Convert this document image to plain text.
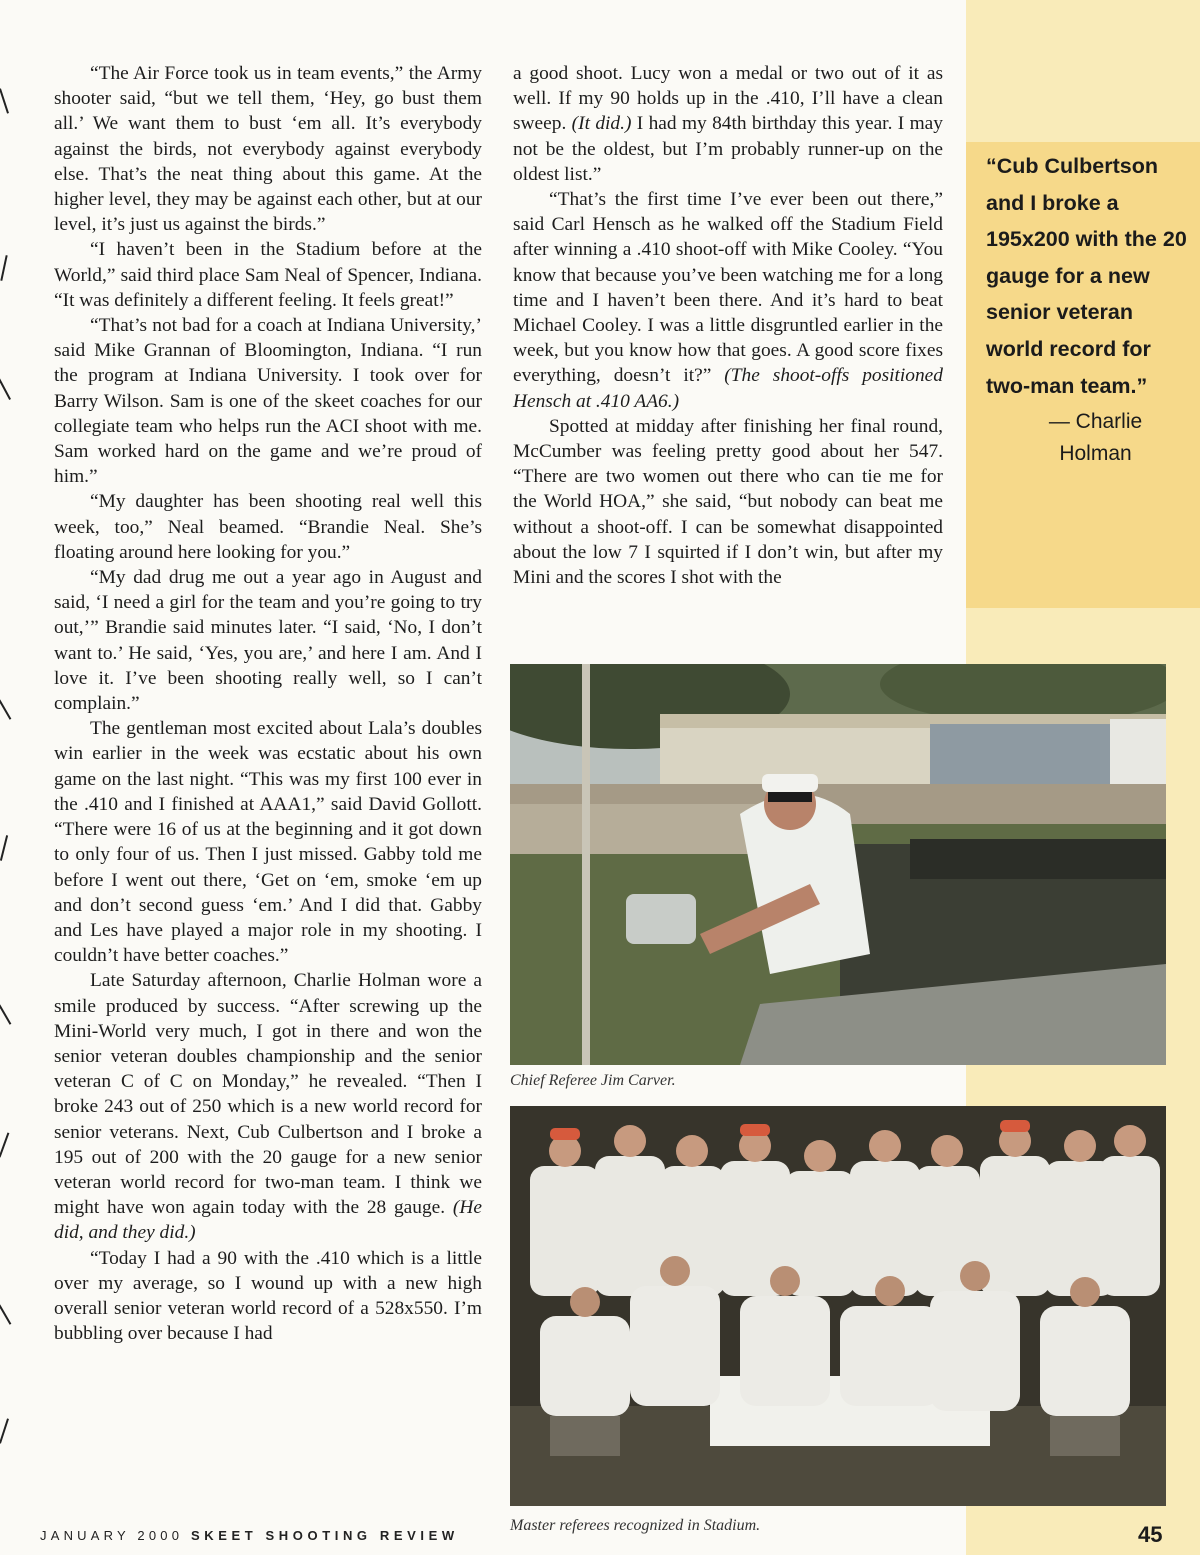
“Cub Culbertson and I broke a 195x200 with the 20 gauge for a new senior veteran world record for two-man team.”

— Charlie
Holman

“The Air Force took us in team events,” the Army shooter said, “but we tell them, ‘Hey, go bust them all.’ We want them to bust ‘em all. It’s everybody against the birds, not everybody against everybody else. That’s the neat thing about this game. At the higher level, they may be against each other, but at our level, it’s just us against the birds.”

“I haven’t been in the Stadium before at the World,” said third place Sam Neal of Spencer, Indiana. “It was definitely a different feeling. It feels great!”

“That’s not bad for a coach at Indiana University,’ said Mike Grannan of Bloomington, Indiana. “I run the program at Indiana University. I took over for Barry Wilson. Sam is one of the skeet coaches for our collegiate team who helps run the ACI shoot with me. Sam worked hard on the game and we’re proud of him.”

“My daughter has been shooting real well this week, too,” Neal beamed. “Brandie Neal. She’s floating around here looking for you.”

“My dad drug me out a year ago in August and said, ‘I need a girl for the team and you’re going to try out,’” Brandie said minutes later. “I said, ‘No, I don’t want to.’ He said, ‘Yes, you are,’ and here I am. And I love it. I’ve been shooting really well, so I can’t complain.”

The gentleman most excited about Lala’s doubles win earlier in the week was ecstatic about his own game on the last night. “This was my first 100 ever in the .410 and I finished at AAA1,” said David Gollott. “There were 16 of us at the beginning and it got down to only four of us. Then I just missed. Gabby told me before I went out there, ‘Get on ‘em, smoke ‘em up and don’t second guess ‘em.’ And I did that. Gabby and Les have played a major role in my shooting. I couldn’t have better coaches.”

Late Saturday afternoon, Charlie Holman wore a smile produced by success. “After screwing up the Mini-World very much, I got in there and won the senior veteran doubles championship and the senior veteran C of C on Monday,” he revealed. “Then I broke 243 out of 250 which is a new world record for senior veterans. Next, Cub Culbertson and I broke a 195 out of 200 with the 20 gauge for a new senior veteran world record for two-man team. I think we might have won again today with the 28 gauge. (He did, and they did.)

“Today I had a 90 with the .410 which is a little over my average, so I wound up with a new high overall senior veteran world record of a 528x550. I’m bubbling over because I had

a good shoot. Lucy won a medal or two out of it as well. If my 90 holds up in the .410, I’ll have a clean sweep. (It did.) I had my 84th birthday this year. I may not be the oldest, but I’m probably runner-up on the oldest list.”

“That’s the first time I’ve ever been out there,” said Carl Hensch as he walked off the Stadium Field after winning a .410 shoot-off with Mike Cooley. “You know that because you’ve been watching me for a long time and I haven’t been there. And it’s hard to beat Michael Cooley. I was a little disgruntled earlier in the week, but you know how that goes. A good score fixes everything, doesn’t it?” (The shoot-offs positioned Hensch at .410 AA6.)

Spotted at midday after finishing her final round, McCumber was feeling pretty good about her 547. “There are two women out there who can tie me for the World HOA,” she said, “but nobody can beat me without a shoot-off. I can be somewhat disappointed about the low 7 I squirted if I don’t win, but after my Mini and the scores I shot with the

Chief Referee Jim Carver.
Master referees recognized in Stadium.
JANUARY 2000 SKEET SHOOTING REVIEW	45
